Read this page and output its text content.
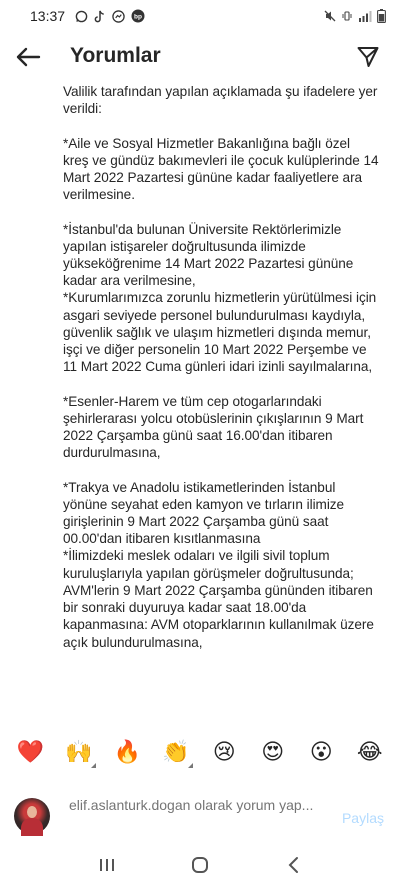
13:37	bp
Yorumlar
Valilik tarafından yapılan açıklamada şu ifadelere yer
verildi:

*Aile ve Sosyal Hizmetler Bakanlığına bağlı özel kreş ve gündüz bakımevleri ile çocuk kulüplerinde 14 Mart 2022 Pazartesi gününe kadar faaliyetlere ara verilmesine.

*İstanbul'da bulunan Üniversite Rektörlerimizle yapılan istişareler doğrultusunda ilimizde yükseköğrenime 14 Mart 2022 Pazartesi gününe kadar ara verilmesine,
*Kurumlarımızca zorunlu hizmetlerin yürütülmesi için asgari seviyede personel bulundurulması kaydıyla, güvenlik sağlık ve ulaşım hizmetleri dışında memur, işçi ve diğer personelin 10 Mart 2022 Perşembe ve 11 Mart 2022 Cuma günleri idari izinli sayılmalarına,

*Esenler-Harem ve tüm cep otogarlarındaki şehirlerarası yolcu otobüslerinin çıkışlarının 9 Mart 2022 Çarşamba günü saat 16.00'dan itibaren durdurulmasına,

*Trakya ve Anadolu istikametlerinden İstanbul yönüne seyahat eden kamyon ve tırların ilimize girişlerinin 9 Mart 2022 Çarşamba günü saat 00.00'dan itibaren kısıtlanmasına
*İlimizdeki meslek odaları ve ilgili sivil toplum kuruluşlarıyla yapılan görüşmeler doğrultusunda; AVM'lerin 9 Mart 2022 Çarşamba gününden itibaren bir sonraki duyuruya kadar saat 18.00'da kapanmasına: AVM otoparklarının kullanılmak üzere açık bulundurulmasına,
❤️ 🙌 🔥 👏 😢 😍 😮 😂
elif.aslanturk.dogan olarak yorum yap...
Paylaş
